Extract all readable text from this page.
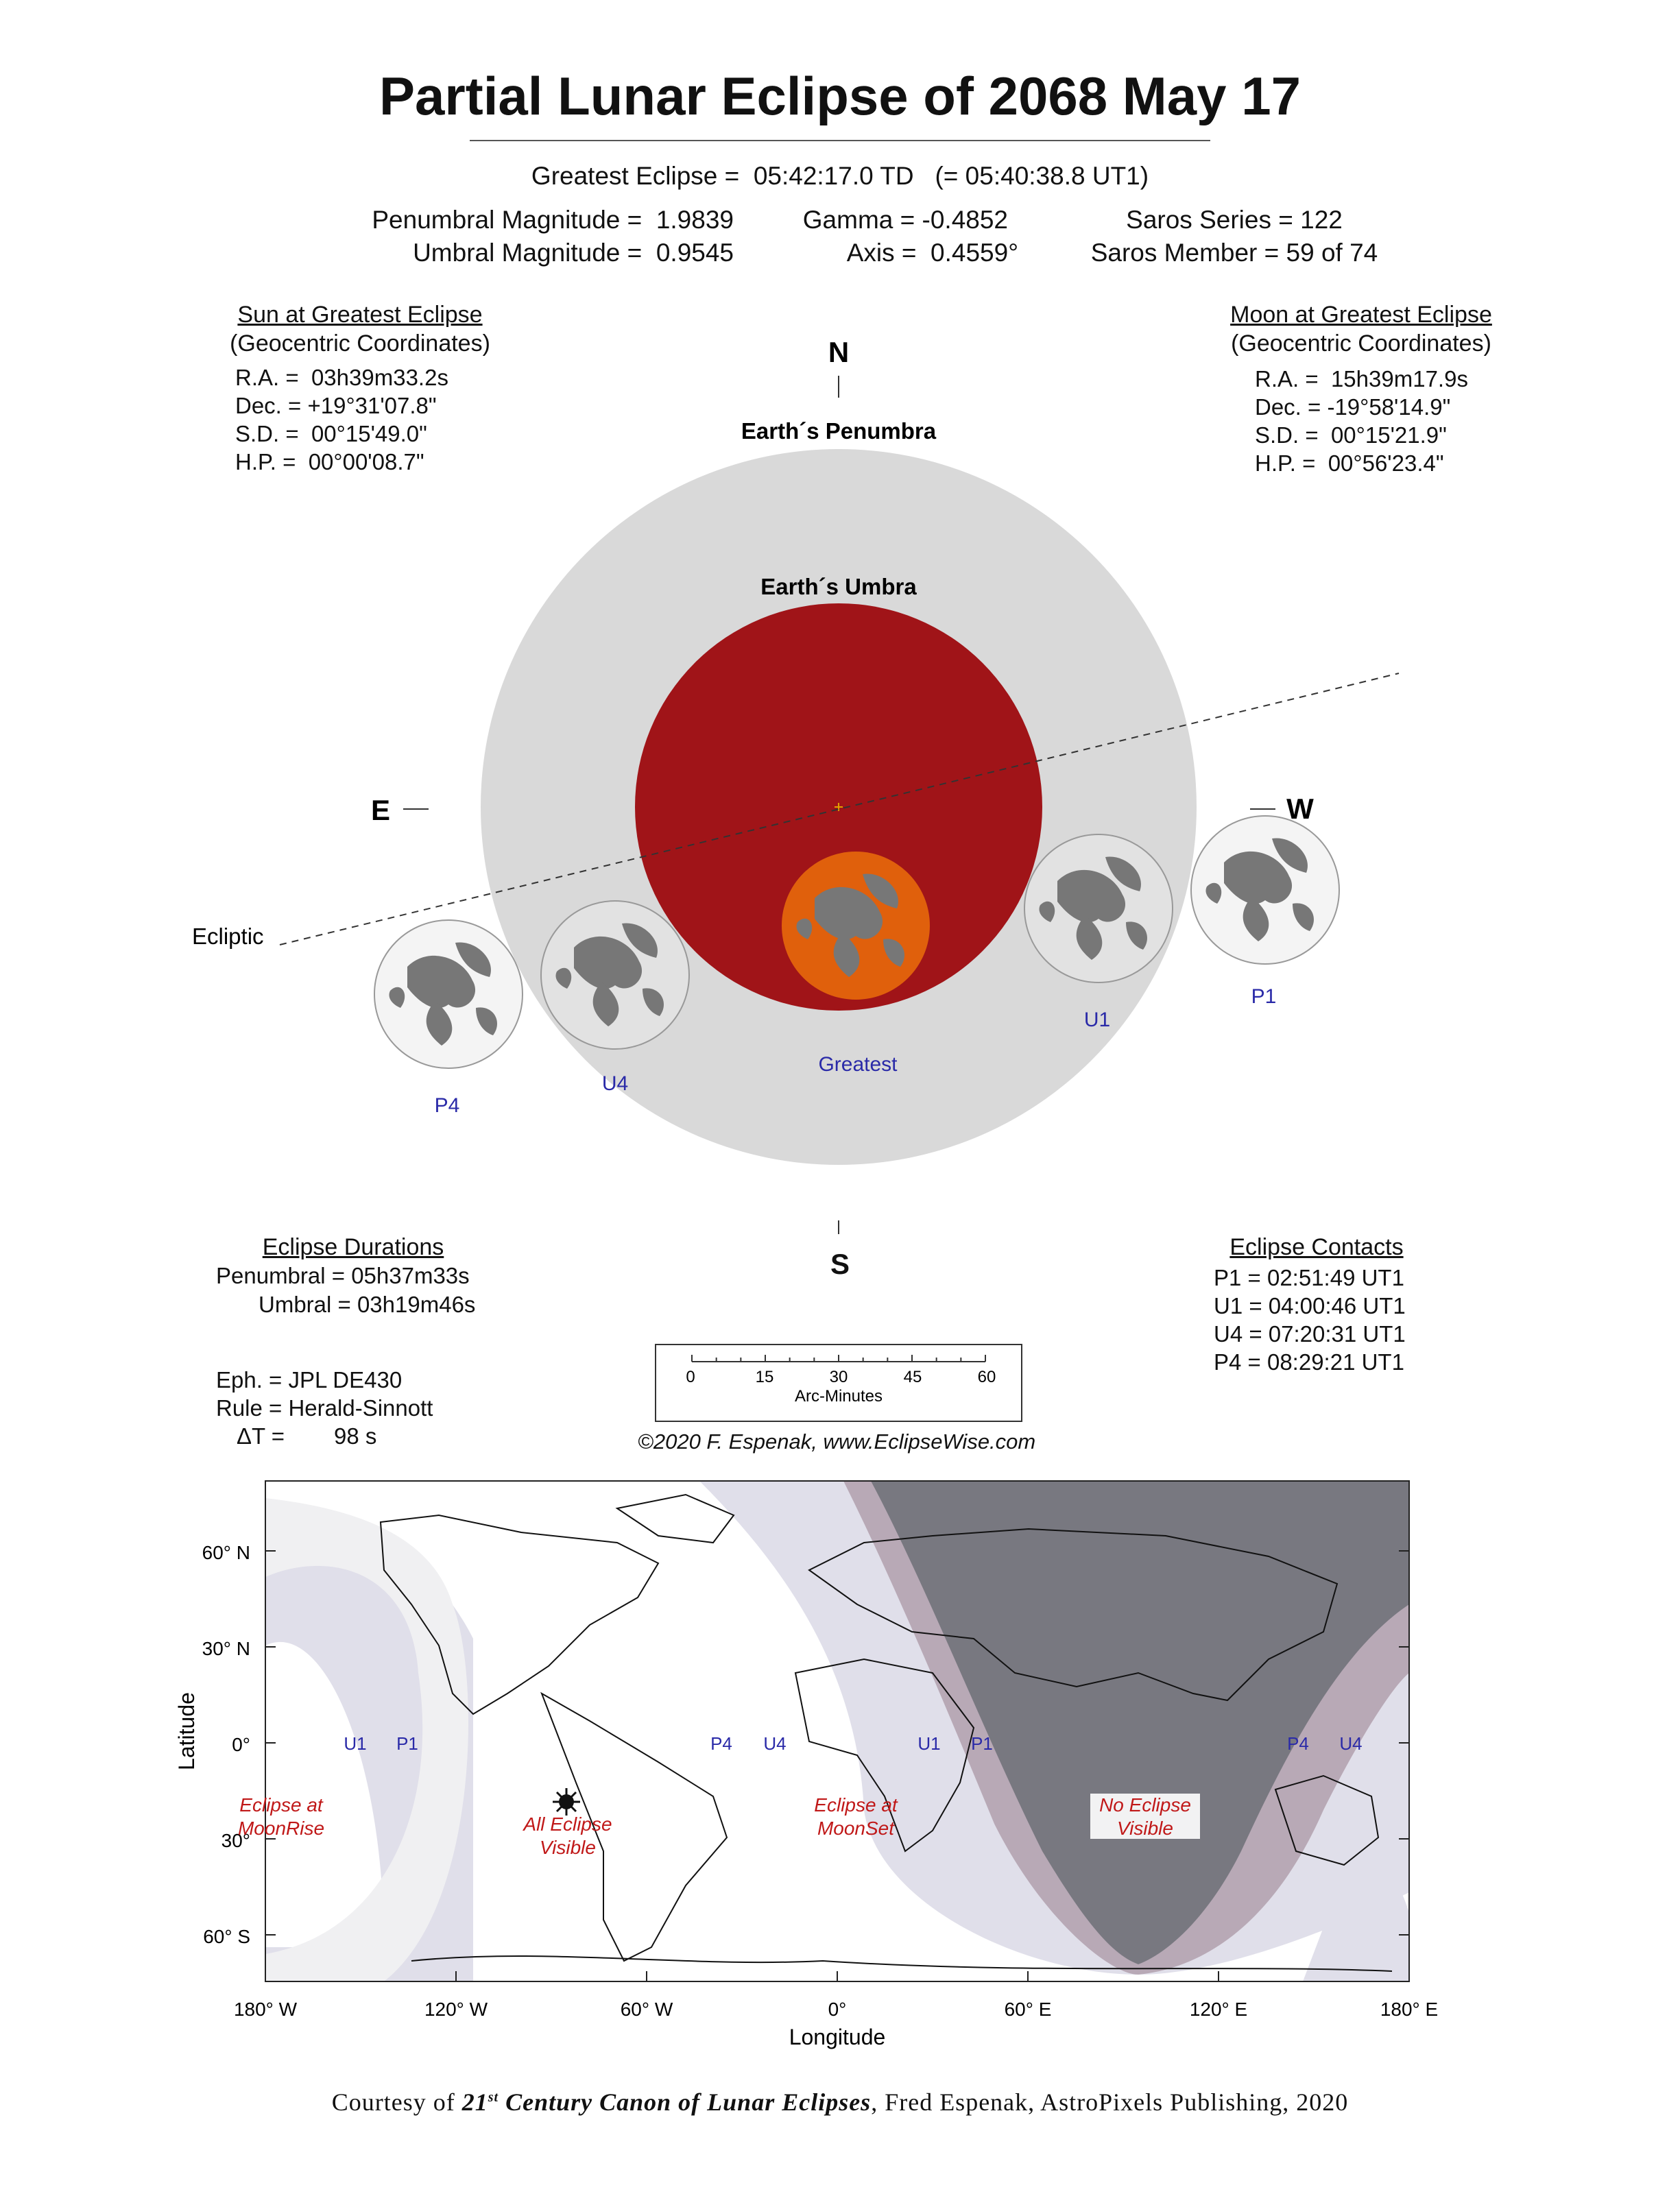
Partial Lunar Eclipse of 2068 May 17
Greatest Eclipse =  05:42:17.0 TD   (= 05:40:38.8 UT1)
Penumbral Magnitude =  1.9839
Umbral Magnitude =  0.9545
Gamma = -0.4852
Axis =  0.4559°
Saros Series = 122
Saros Member = 59 of 74
Sun at Greatest Eclipse
(Geocentric Coordinates)
R.A. =  03h39m33.2s
Dec. = +19°31'07.8"
S.D. =  00°15'49.0"
H.P. =  00°00'08.7"
Moon at Greatest Eclipse
(Geocentric Coordinates)
R.A. =  15h39m17.9s
Dec. = -19°58'14.9"
S.D. =  00°15'21.9"
H.P. =  00°56'23.4"
N
Earth´s Penumbra
Earth´s Umbra
E	W
Ecliptic
P4
U4
Greatest
U1
P1
S
Eclipse Durations
Penumbral = 05h37m33s
Umbral = 03h19m46s
Eph. = JPL DE430
Rule = Herald-Sinnott
ΔT = 98 s
Eclipse Contacts
P1 = 02:51:49 UT1
U1 = 04:00:46 UT1
U4 = 07:20:31 UT1
P4 = 08:29:21 UT1
0	15	30	45	60
Arc-Minutes
©2020 F. Espenak, www.EclipseWise.com
60° N
30° N
0°
30°
60° S
180° W	120° W	60° W	0°	60° E	120° E	180° E
Longitude
Latitude	U1 P1	P4 U4	U1 P1	P4 U4
Eclipse at
MoonRise	All Eclipse
Visible
Eclipse at
MoonSet
No Eclipse
Visible
Courtesy of 21st Century Canon of Lunar Eclipses, Fred Espenak, AstroPixels Publishing, 2020
